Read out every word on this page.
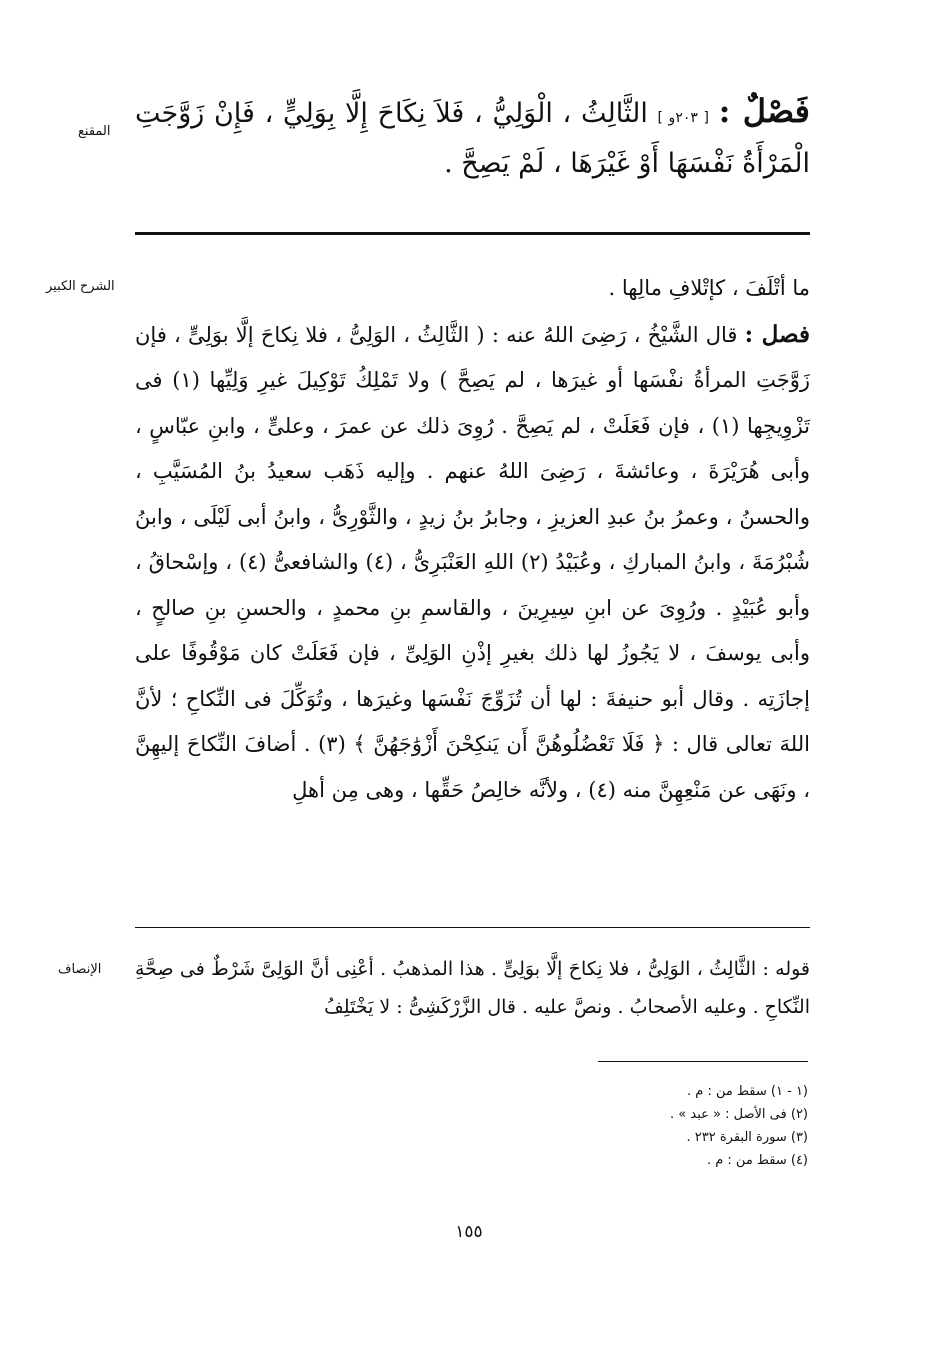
المقنع
فَصْلٌ : [ ٢٠٣و ] الثَّالِثُ ، الْوَلِيُّ ، فَلاَ نِكَاحَ إِلَّا بِوَلِيٍّ ، فَإِنْ زَوَّجَتِ الْمَرْأَةُ نَفْسَهَا أَوْ غَيْرَهَا ، لَمْ يَصِحَّ .
الشرح الكبير	ما أتْلَفَ ، كإتْلافِ مالِها .

فصل : قال الشَّيْخُ ، رَضِىَ اللهُ عنه : ( الثَّالِثُ ، الوَلِىُّ ، فلا نِكاحَ إلَّا بوَلِىٍّ ، فإن زَوَّجَتِ المرأةُ نفْسَها أو غيرَها ، لم يَصِحَّ ) ولا تَمْلِكُ تَوْكِيلَ غيرِ وَلِيِّها (١) فى تَزْوِيجِها (١) ، فإن فَعَلَتْ ، لم يَصِحَّ . رُوِىَ ذلك عن عمرَ ، وعلىٍّ ، وابنِ عبّاسٍ ، وأبى هُرَيْرَةَ ، وعائشةَ ، رَضِىَ اللهُ عنهم . وإليه ذَهَب سعيدُ بنُ المُسَيَّبِ ، والحسنُ ، وعمرُ بنُ عبدِ العزيزِ ، وجابرُ بنُ زيدٍ ، والثَّوْرِىُّ ، وابنُ أبى لَيْلَى ، وابنُ شُبْرُمَةَ ، وابنُ المباركِ ، وعُبَيْدُ (٢) اللهِ العَنْبَرِىُّ ، (٤) والشافعىُّ (٤) ، وإسْحاقُ ، وأبو عُبَيْدٍ . ورُوِىَ عن ابنِ سِيرِينَ ، والقاسمِ بنِ محمدٍ ، والحسنِ بنِ صالحٍ ، وأبى يوسفَ ، لا يَجُوزُ لها ذلك بغيرِ إذْنِ الوَلِىِّ ، فإن فَعَلَتْ كان مَوْقُوفًا على إجازَتِه . وقال أبو حنيفةَ : لها أن تُزَوِّجَ نَفْسَها وغيرَها ، وتُوَكِّلَ فى النِّكاحِ ؛ لأنَّ اللهَ تعالى قال : ﴿ فَلَا تَعْضُلُوهُنَّ أَن يَنكِحْنَ أَزْوَٰجَهُنَّ ﴾ (٣) . أضافَ النِّكاحَ إليهِنَّ ، ونَهَى عن مَنْعِهِنَّ منه (٤) ، ولأنَّه خالِصُ حَقِّها ، وهى مِن أهلِ

الإنصاف قوله : الثَّالِثُ ، الوَلِىُّ ، فلا نِكاحَ إلَّا بوَلِىٍّ . هذا المذهبُ . أعْنِى أنَّ الوَلِىَّ شَرْطٌ فى صِحَّةِ النِّكاحِ . وعليه الأصحابُ . ونصَّ عليه . قال الزَّرْكَشِىُّ : لا يَخْتَلِفُ
(١ - ١) سقط من : م .
(٢) فى الأصل : « عبد » .
(٣) سورة البقرة ٢٣٢ .
(٤) سقط من : م .
١٥٥
